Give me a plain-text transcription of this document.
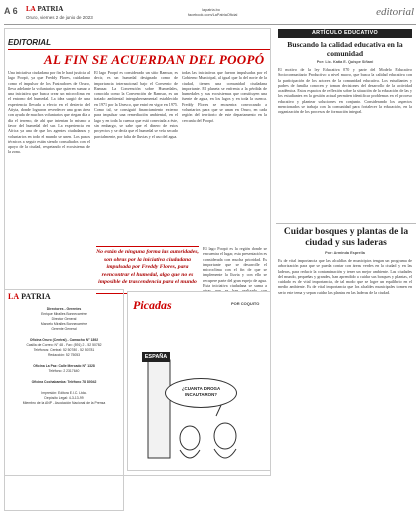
A 6 LA PATRIA
Oruro, viernes 2 de junio de 2023
lapatria.bo
facebook.com/LaPatriaOficial	editorial
EDITORIAL
AL FIN SE ACUERDAN DEL POOPÓ
Una iniciativa ciudadana por fin le hará justicia al lago Poopó, ya que Freddy Flores, cuidadano como el impulsor de los Fustradores de Oruro, lleva adelante la voluntarios que quieren sumar a una iniciativa que busca crear un microclima en el entorno del humedal. La idea surgió de una experiencia llevada a efecto en el desierto del Atiyta, donde lograron reverdecer una gran área con ayuda de muchos voluntarios que riegan día a día el terreno, de ahí que intentan lo mismo a favor del humedal del sur. La experiencia en Africa ya una de que los agentes ciudadanos y voluntarios en todo el mundo se unen. Los pasos técnicos a seguir están siendo consultados con el apoyo de la ciudad, respetando el ecosistema de la zona.
El lago Poopó es considerado un sitio Ramsar, es decir, es un humedal designado como de importancia internacional bajo el Convenio de Ramsar. La Convención sobre Humedales, conocida como la Convención de Ramsar, es un tratado ambiental intergubernamental establecido en 1971 por la Unesco, que entró en vigor en 1975. Como tal, se consiguió financiamiento externo para impulsar una remediación ambiental, en el lago y en toda la cuenca que está conectada a éste, sin embargo, se sabe que el dinero de estos proyectos y se decía que el humedal se veía secado parcialmente, por falta de lluvias y el uso del agua.
todas las iniciativas que fueron impulsadas por el Gobierno Municipal, al igual que la del norte de la ciudad, tienen una comunidad ciudadana importante. El planeta se enfrenta a la pérdida de humedales y sus ecosistemas que constituyen una fuente de agua, en los lagos y en toda la cuenca. Freddy Flores se encuentra convocando a voluntarios para que se unan en Oruro, en cada región del territorio de este departamento en la cercanía del Poopó.
No están de ninguna forma las autoridades, son obras por la iniciativa ciudadana impulsada por Freddy Flores, para reencontrar el humedal, algo que no es imposible de trascendencia para el mundo
El lago Poopó es la región donde se encuentra el lugar, esta presentación es considerada con mucha prioridad. Es importante que se desarrolle el microclima con el fin de que se implemente la lluvia y con ello se recupere parte del gran espejo de agua. Esta iniciativa ciudadana se suma a
ARTÍCULO EDUCATIVO
Buscando la calidad educativa en la comunidad
Por: Lic. Katia E. Quispe Siñani
El motivo de la ley Educativa 070 y parte del Modelo Educativo Sociocomunitario Productivo a nivel macro, que busca la calidad educativa con la participación de los actores de la comunidad educativa. Los estudiantes y padres de familia conocen y toman decisiones del desarrollo de la actividad académica. Estos espacios de reflexión sobre la situación de la educación de las y los estudiantes en la gestión actual permiten identificar problemas en el proceso educativo y plantear soluciones en conjunto. Considerando los aspectos mencionados se trabaja con la comunidad para fortalecer la educación, en la organización de los procesos de formación integral.
Cuidar bosques y plantas de la ciudad y sus laderas
Por: Arminda Esprella
Es de vital importancia que las alcaldías de municipios tengan un programa de arborización para que se pueda contar con áreas verdes en la ciudad y en las laderas, para reducir la contaminación y tener un mejor ambiente. Las ciudades del mundo, pequeñas y grandes, han aprendido a cuidar sus bosques y plantas, el cuidado es de vital importancia, de tal modo que se logre un equilibrio en el medio ambiente. Es de vital importancia que los alcaldes municipales tomen en serio este tema y sepan cuidar las plantas en las laderas de la ciudad.
LA PATRIA
Directores - Gerentes
Enrique Miralles Bonnecarrère
Director General
Marcelo Miralles Bonnecarrère
Gerente General
Oficina Oruro (Central) - Camacho N° 1892
Casilla de Correo: N° 48 - Fax: (591) 2 - 52 50782
Teléfonos: Central: 52 50780 - 52 50781
Redacción: 52 75053
Oficina La Paz: Calle Mercado N° 1328
Teléfono: 2 2317640
Oficina Cochabamba: Teléfono 78 80042
Impresión: Editora E.I.C. Ltda.
Depósito Legal: 4-3-13-99
Miembro de la ANP - Asociación Nacional de la Prensa
Picadas	POR COQUITO
ESPAÑA
¿CUANTA DROGA INCAUTARON?
